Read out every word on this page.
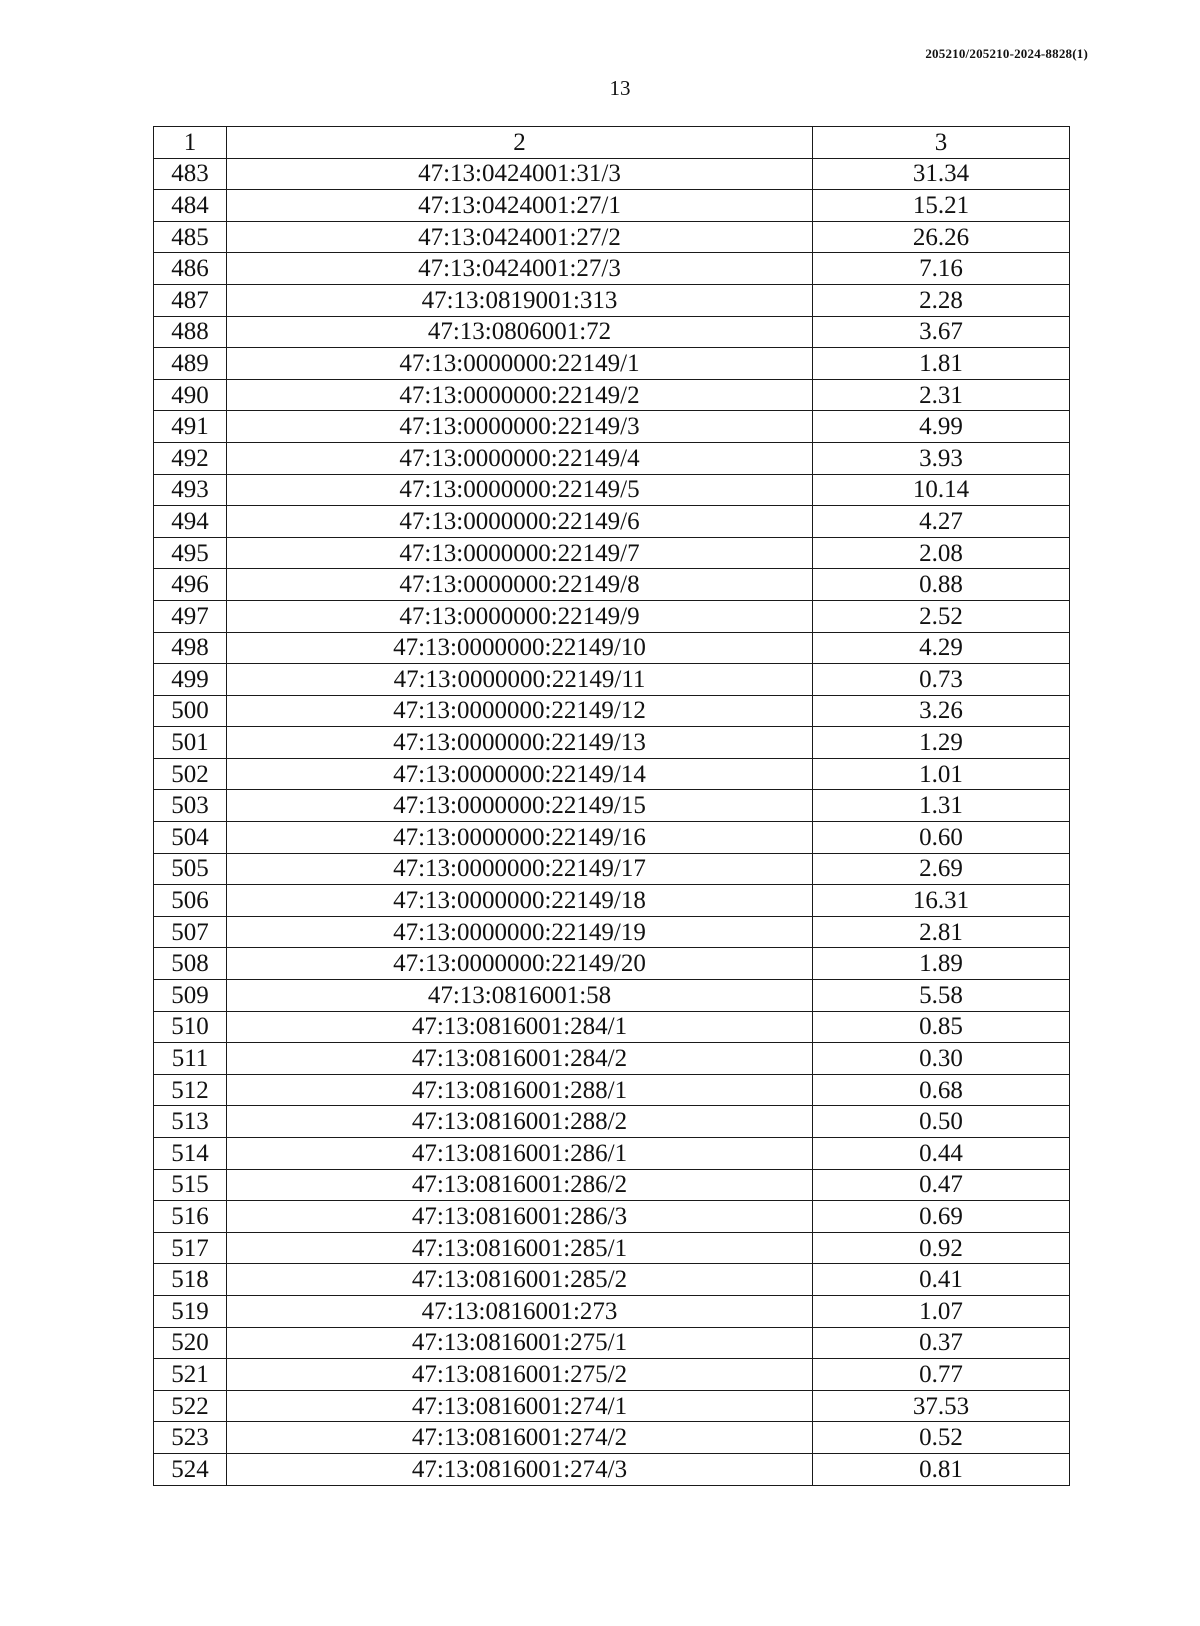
205210/205210-2024-8828(1)
13
1	2	3
483	47:13:0424001:31/3	31.34
484	47:13:0424001:27/1	15.21
485	47:13:0424001:27/2	26.26
486	47:13:0424001:27/3	7.16
487	47:13:0819001:313	2.28
488	47:13:0806001:72	3.67
489	47:13:0000000:22149/1	1.81
490	47:13:0000000:22149/2	2.31
491	47:13:0000000:22149/3	4.99
492	47:13:0000000:22149/4	3.93
493	47:13:0000000:22149/5	10.14
494	47:13:0000000:22149/6	4.27
495	47:13:0000000:22149/7	2.08
496	47:13:0000000:22149/8	0.88
497	47:13:0000000:22149/9	2.52
498	47:13:0000000:22149/10	4.29
499	47:13:0000000:22149/11	0.73
500	47:13:0000000:22149/12	3.26
501	47:13:0000000:22149/13	1.29
502	47:13:0000000:22149/14	1.01
503	47:13:0000000:22149/15	1.31
504	47:13:0000000:22149/16	0.60
505	47:13:0000000:22149/17	2.69
506	47:13:0000000:22149/18	16.31
507	47:13:0000000:22149/19	2.81
508	47:13:0000000:22149/20	1.89
509	47:13:0816001:58	5.58
510	47:13:0816001:284/1	0.85
511	47:13:0816001:284/2	0.30
512	47:13:0816001:288/1	0.68
513	47:13:0816001:288/2	0.50
514	47:13:0816001:286/1	0.44
515	47:13:0816001:286/2	0.47
516	47:13:0816001:286/3	0.69
517	47:13:0816001:285/1	0.92
518	47:13:0816001:285/2	0.41
519	47:13:0816001:273	1.07
520	47:13:0816001:275/1	0.37
521	47:13:0816001:275/2	0.77
522	47:13:0816001:274/1	37.53
523	47:13:0816001:274/2	0.52
524	47:13:0816001:274/3	0.81
